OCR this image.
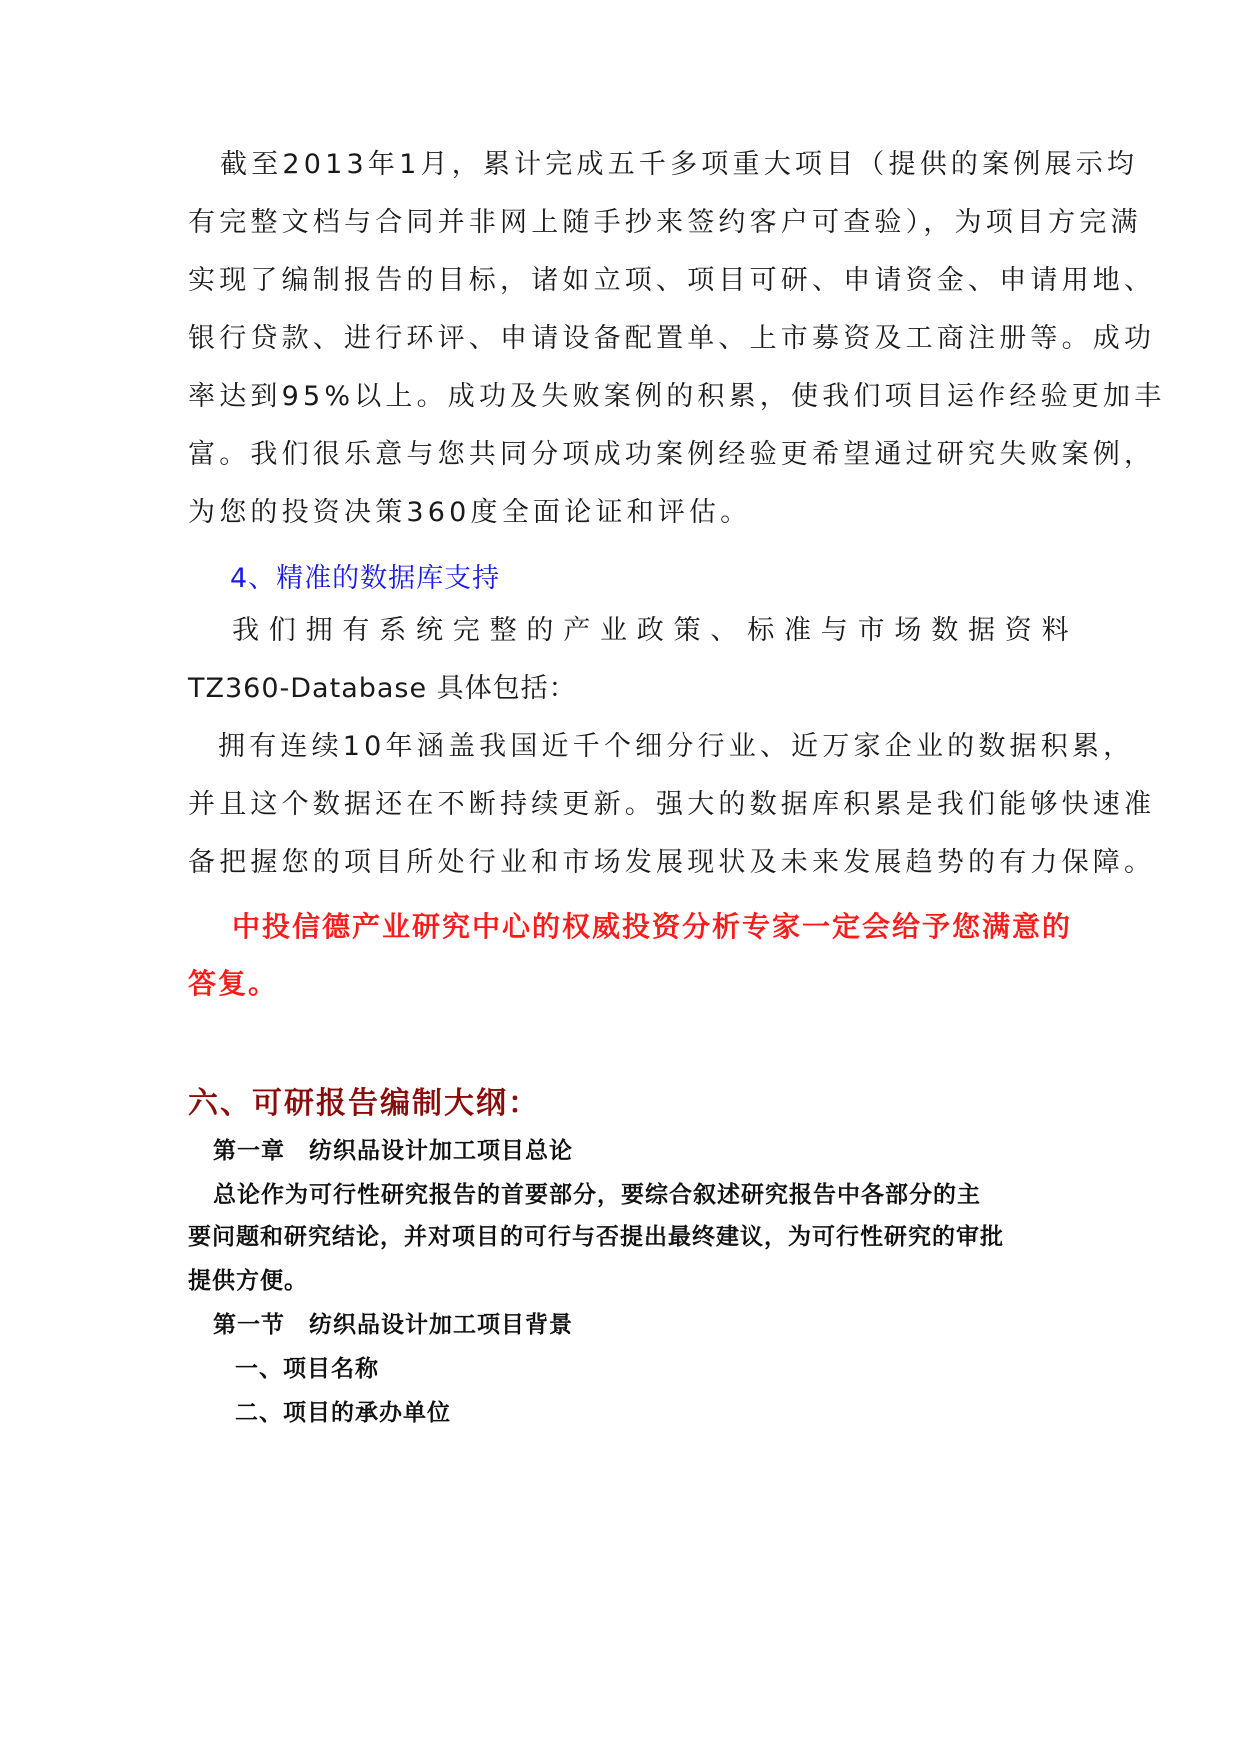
截至2013年1月，累计完成五千多项重大项目（提供的案例展示均
有完整文档与合同并非网上随手抄来签约客户可查验），为项目方完满
实现了编制报告的目标，诸如立项、项目可研、申请资金、申请用地、
银行贷款、进行环评、申请设备配置单、上市募资及工商注册等。成功
率达到95%以上。成功及失败案例的积累，使我们项目运作经验更加丰
富。我们很乐意与您共同分项成功案例经验更希望通过研究失败案例，
为您的投资决策360度全面论证和评估。
4、精准的数据库支持
我们拥有系统完整的产业政策、标准与市场数据资料
TZ360-Database 具体包括：
拥有连续10年涵盖我国近千个细分行业、近万家企业的数据积累，
并且这个数据还在不断持续更新。强大的数据库积累是我们能够快速准
备把握您的项目所处行业和市场发展现状及未来发展趋势的有力保障。
中投信德产业研究中心的权威投资分析专家一定会给予您满意的
答复。
六、可研报告编制大纲：
第一章　纺织品设计加工项目总论
总论作为可行性研究报告的首要部分，要综合叙述研究报告中各部分的主
要问题和研究结论，并对项目的可行与否提出最终建议，为可行性研究的审批
提供方便。
第一节　纺织品设计加工项目背景
一、项目名称
二、项目的承办单位
